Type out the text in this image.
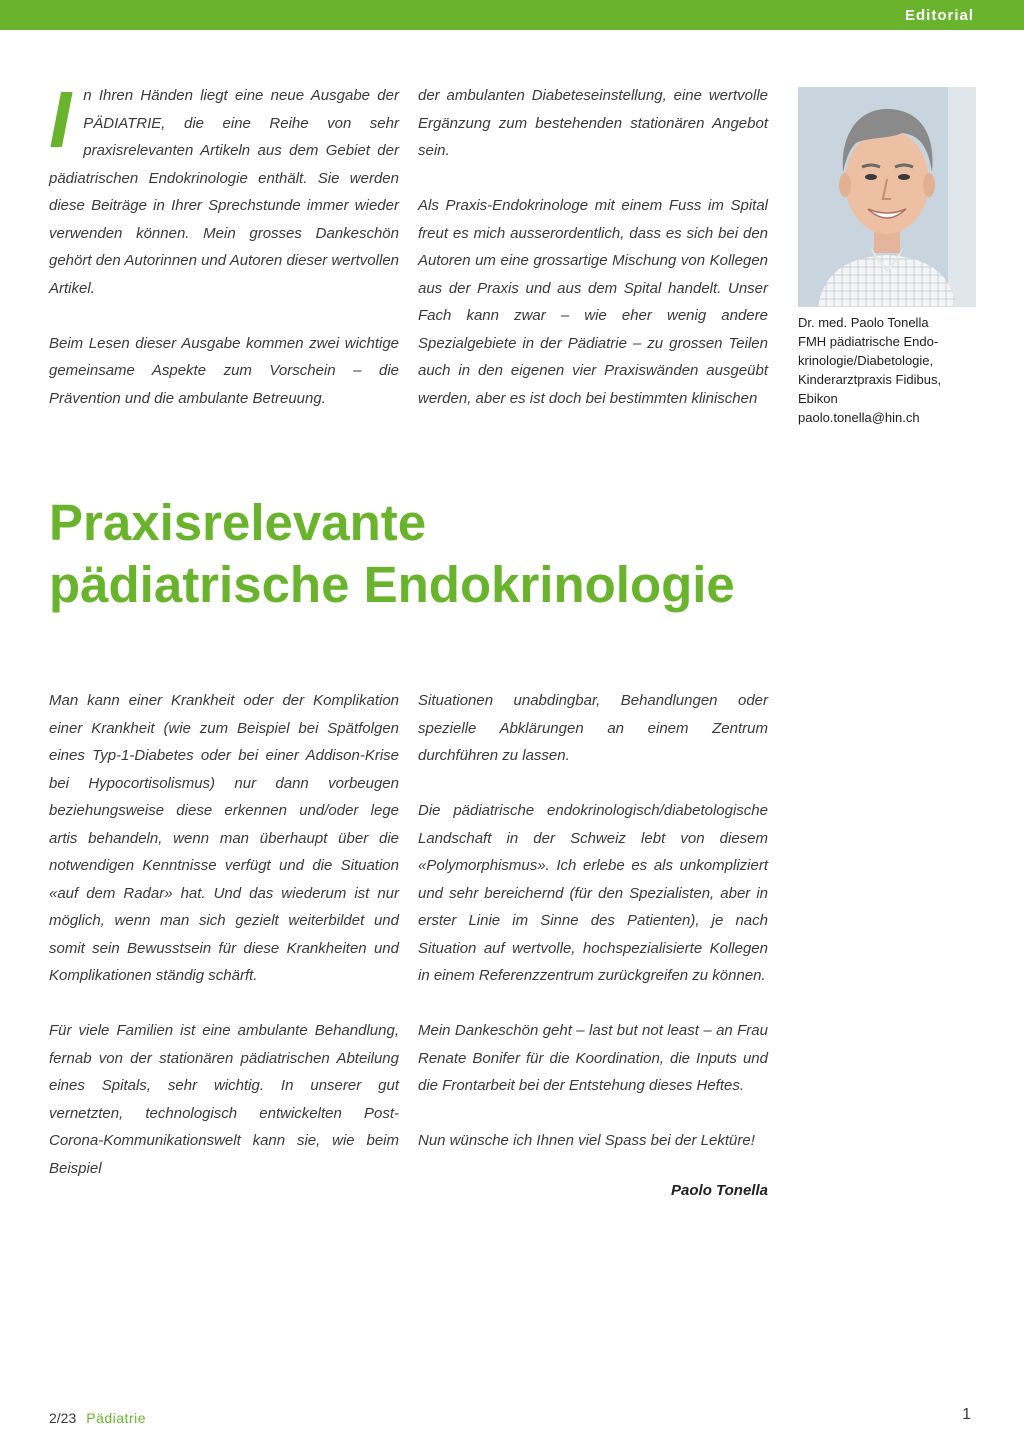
Editorial

In Ihren Händen liegt eine neue Ausgabe der PÄDIATRIE, die eine Reihe von sehr praxisrelevanten Artikeln aus dem Gebiet der pädiatrischen Endokrinologie enthält. Sie werden diese Beiträge in Ihrer Sprechstunde immer wieder verwenden können. Mein grosses Dankeschön gehört den Autorinnen und Autoren dieser wertvollen Artikel.

Beim Lesen dieser Ausgabe kommen zwei wichtige gemeinsame Aspekte zum Vorschein – die Prävention und die ambulante Betreuung.

der ambulanten Diabeteseinstellung, eine wertvolle Ergänzung zum bestehenden stationären Angebot sein.

Als Praxis-Endokrinologe mit einem Fuss im Spital freut es mich ausserordentlich, dass es sich bei den Autoren um eine grossartige Mischung von Kollegen aus der Praxis und aus dem Spital handelt. Unser Fach kann zwar – wie eher wenig andere Spezialgebiete in der Pädiatrie – zu grossen Teilen auch in den eigenen vier Praxiswänden ausgeübt werden, aber es ist doch bei bestimmten klinischen

Dr. med. Paolo Tonella
FMH pädiatrische Endo-
krinologie/Diabetologie,
Kinderarztpraxis Fidibus,
Ebikon
paolo.tonella@hin.ch
Praxisrelevante
pädiatrische Endokrinologie

Man kann einer Krankheit oder der Komplikation einer Krankheit (wie zum Beispiel bei Spätfolgen eines Typ-1-Diabetes oder bei einer Addison-Krise bei Hypocortisolismus) nur dann vorbeugen beziehungsweise diese erkennen und/oder lege artis behandeln, wenn man überhaupt über die notwendigen Kenntnisse verfügt und die Situation «auf dem Radar» hat. Und das wiederum ist nur möglich, wenn man sich gezielt weiterbildet und somit sein Bewusstsein für diese Krankheiten und Komplikationen ständig schärft.

Für viele Familien ist eine ambulante Behandlung, fernab von der stationären pädiatrischen Abteilung eines Spitals, sehr wichtig. In unserer gut vernetzten, technologisch entwickelten Post-Corona-Kommunikationswelt kann sie, wie beim Beispiel

Situationen unabdingbar, Behandlungen oder spezielle Abklärungen an einem Zentrum durchführen zu lassen.

Die pädiatrische endokrinologisch/diabetologische Landschaft in der Schweiz lebt von diesem «Polymorphismus». Ich erlebe es als unkompliziert und sehr bereichernd (für den Spezialisten, aber in erster Linie im Sinne des Patienten), je nach Situation auf wertvolle, hochspezialisierte Kollegen in einem Referenzzentrum zurückgreifen zu können.

Mein Dankeschön geht – last but not least – an Frau Renate Bonifer für die Koordination, die Inputs und die Frontarbeit bei der Entstehung dieses Heftes.

Nun wünsche ich Ihnen viel Spass bei der Lektüre!

Paolo Tonella
2/23 Pädiatrie	1
